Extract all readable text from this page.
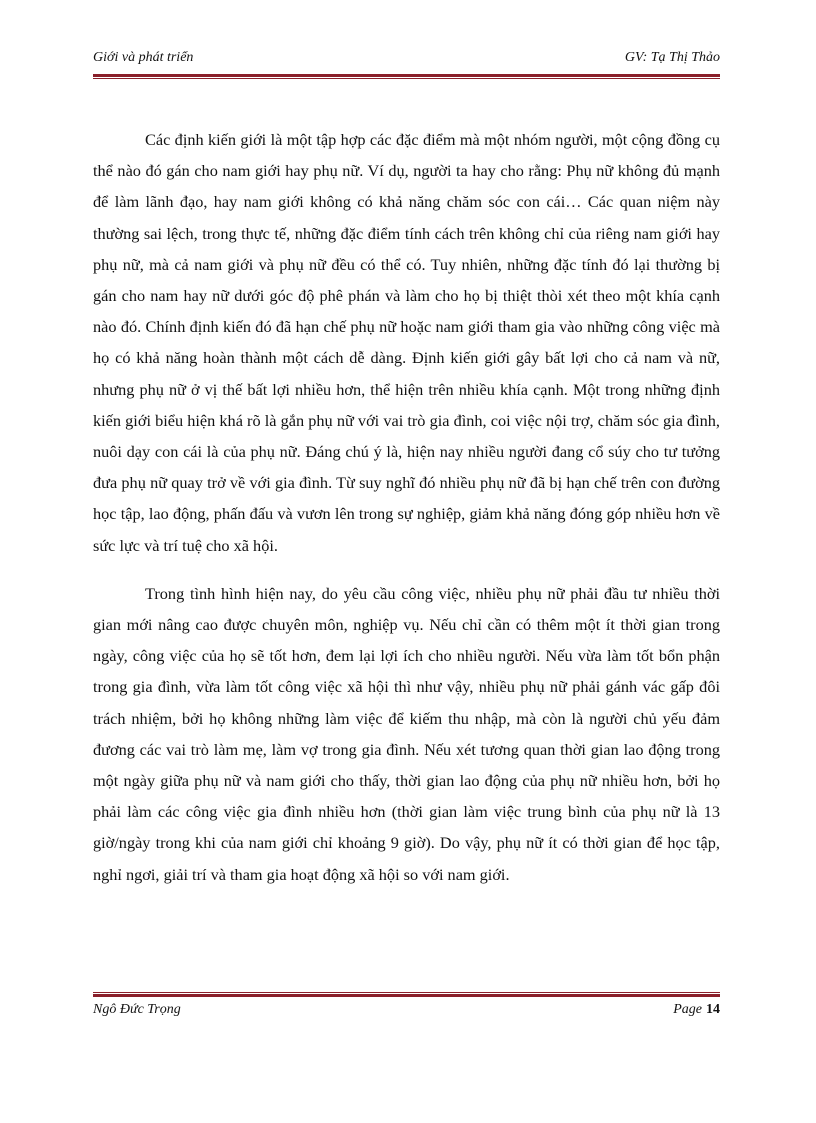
Giới và phát triển	GV: Tạ Thị Thảo

Các định kiến giới là một tập hợp các đặc điểm mà một nhóm người, một cộng đồng cụ thể nào đó gán cho nam giới hay phụ nữ. Ví dụ, người ta hay cho rằng: Phụ nữ không đủ mạnh để làm lãnh đạo, hay nam giới không có khả năng chăm sóc con cái… Các quan niệm này thường sai lệch, trong thực tế, những đặc điểm tính cách trên không chỉ của riêng nam giới hay phụ nữ, mà cả nam giới và phụ nữ đều có thể có. Tuy nhiên, những đặc tính đó lại thường bị gán cho nam hay nữ dưới góc độ phê phán và làm cho họ bị thiệt thòi xét theo một khía cạnh nào đó. Chính định kiến đó đã hạn chế phụ nữ hoặc nam giới tham gia vào những công việc mà họ có khả năng hoàn thành một cách dễ dàng. Định kiến giới gây bất lợi cho cả nam và nữ, nhưng phụ nữ ở vị thế bất lợi nhiều hơn, thể hiện trên nhiều khía cạnh. Một trong những định kiến giới biểu hiện khá rõ là gắn phụ nữ với vai trò gia đình, coi việc nội trợ, chăm sóc gia đình, nuôi dạy con cái là của phụ nữ. Đáng chú ý là, hiện nay nhiều người đang cổ súy cho tư tưởng đưa phụ nữ quay trở về với gia đình. Từ suy nghĩ đó nhiều phụ nữ đã bị hạn chế trên con đường học tập, lao động, phấn đấu và vươn lên trong sự nghiệp, giảm khả năng đóng góp nhiều hơn về sức lực và trí tuệ cho xã hội.

Trong tình hình hiện nay, do yêu cầu công việc, nhiều phụ nữ phải đầu tư nhiều thời gian mới nâng cao được chuyên môn, nghiệp vụ. Nếu chỉ cần có thêm một ít thời gian trong ngày, công việc của họ sẽ tốt hơn, đem lại lợi ích cho nhiều người. Nếu vừa làm tốt bổn phận trong gia đình, vừa làm tốt công việc xã hội thì như vậy, nhiều phụ nữ phải gánh vác gấp đôi trách nhiệm, bởi họ không những làm việc để kiếm thu nhập, mà còn là người chủ yếu đảm đương các vai trò làm mẹ, làm vợ trong gia đình. Nếu xét tương quan thời gian lao động trong một ngày giữa phụ nữ và nam giới cho thấy, thời gian lao động của phụ nữ nhiều hơn, bởi họ phải làm các công việc gia đình nhiều hơn (thời gian làm việc trung bình của phụ nữ là 13 giờ/ngày trong khi của nam giới chỉ khoảng 9 giờ). Do vậy, phụ nữ ít có thời gian để học tập, nghỉ ngơi, giải trí và tham gia hoạt động xã hội so với nam giới.

Ngô Đức Trọng	Page 14
